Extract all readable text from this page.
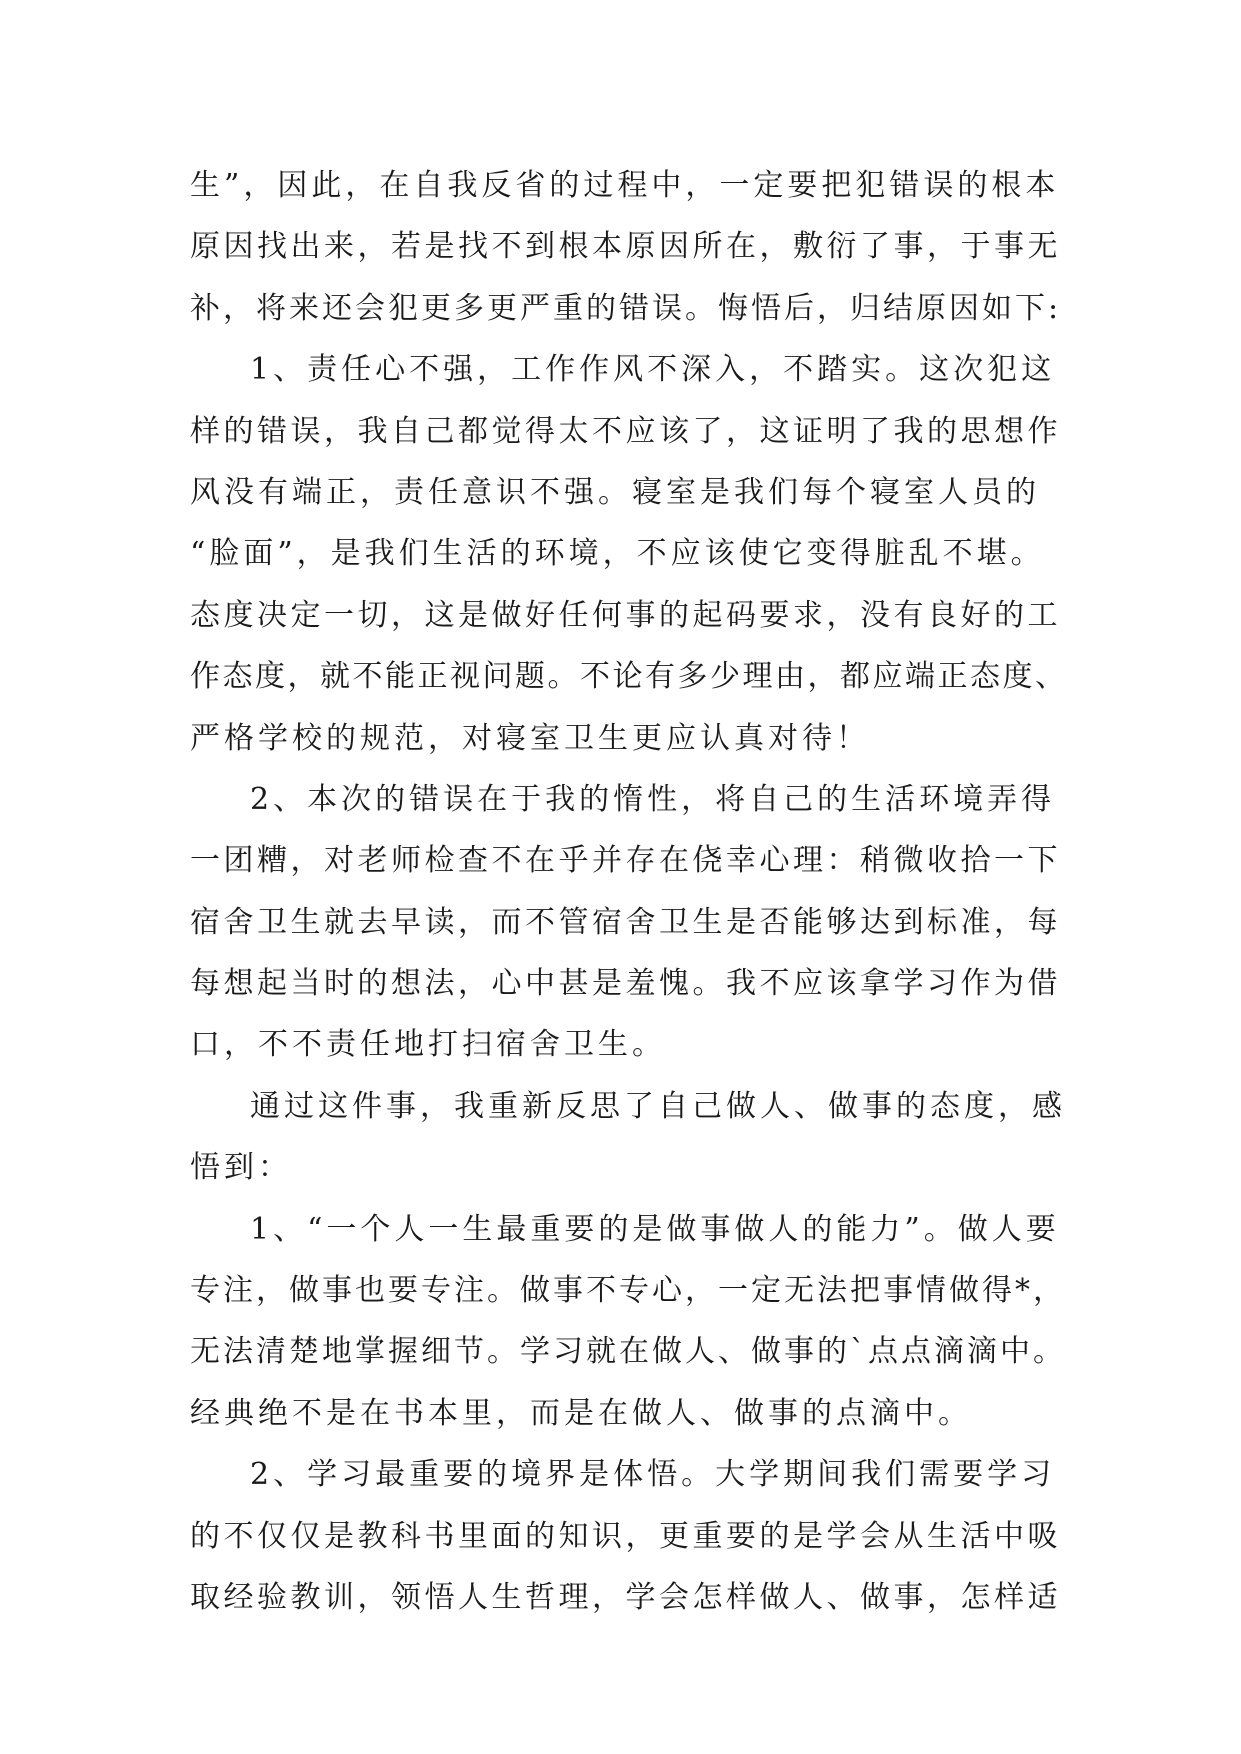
生”，因此，在自我反省的过程中，一定要把犯错误的根本
原因找出来，若是找不到根本原因所在，敷衍了事，于事无
补，将来还会犯更多更严重的错误。悔悟后，归结原因如下:
1、责任心不强，工作作风不深入，不踏实。这次犯这
样的错误，我自己都觉得太不应该了，这证明了我的思想作
风没有端正，责任意识不强。寝室是我们每个寝室人员的
“脸面”，是我们生活的环境，不应该使它变得脏乱不堪。
态度决定一切，这是做好任何事的起码要求，没有良好的工
作态度，就不能正视问题。不论有多少理由，都应端正态度、
严格学校的规范，对寝室卫生更应认真对待！
2、本次的错误在于我的惰性，将自己的生活环境弄得
一团糟，对老师检查不在乎并存在侥幸心理：稍微收拾一下
宿舍卫生就去早读，而不管宿舍卫生是否能够达到标准，每
每想起当时的想法，心中甚是羞愧。我不应该拿学习作为借
口，不不责任地打扫宿舍卫生。
通过这件事，我重新反思了自己做人、做事的态度，感
悟到：
1、“一个人一生最重要的是做事做人的能力”。做人要
专注，做事也要专注。做事不专心，一定无法把事情做得*，
无法清楚地掌握细节。学习就在做人、做事的`点点滴滴中。
经典绝不是在书本里，而是在做人、做事的点滴中。
2、学习最重要的境界是体悟。大学期间我们需要学习
的不仅仅是教科书里面的知识，更重要的是学会从生活中吸
取经验教训，领悟人生哲理，学会怎样做人、做事，怎样适
